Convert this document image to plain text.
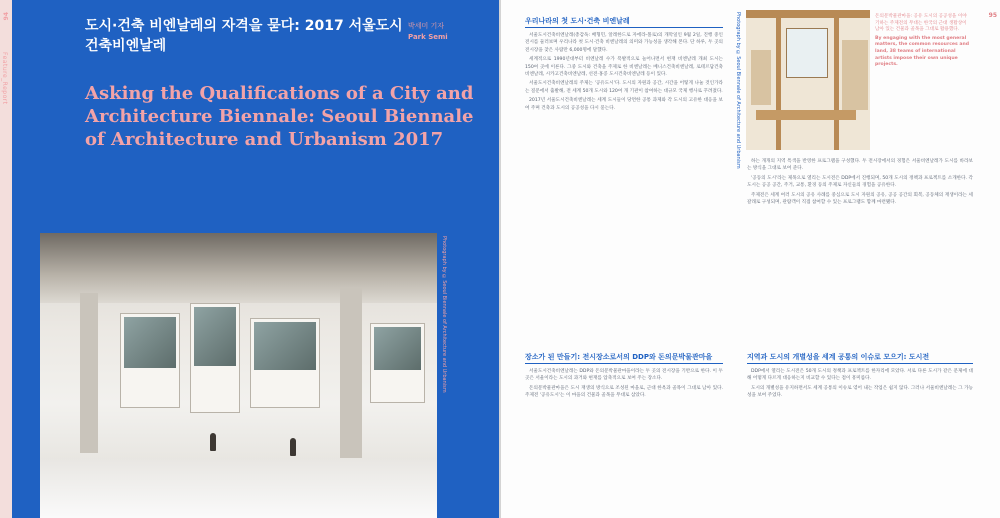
94
Feature_Report
도시·건축 비엔날레의 자격을 묻다: 2017 서울도시건축비엔날레
박세미 기자
Park Semi
Asking the Qualifications of a City and Architecture Biennale: Seoul Biennale of Architecture and Urbanism 2017
Photograph by ©Seoul Biennale of Architecture and Urbanism
95
우리나라의 첫 도시·건축 비엔날레

서울도시건축비엔날레(총감독: 배형민, 알레한드로 자에라-폴로)의 개막일인 9월 2일, 진행 중인 전시를 둘러보며 우리나라 첫 도시·건축 비엔날레의 의미와 가능성을 생각해 본다. 단 하루, 두 곳의 전시장을 찾은 사람만 6,000명에 달했다.

세계적으로 1990년대부터 비엔날레 수가 폭발적으로 늘어나면서 현재 비엔날레 개최 도시는 150여 곳에 이른다. 그중 도시와 건축을 주제로 한 비엔날레는 베니스건축비엔날레, 로테르담건축비엔날레, 시카고건축비엔날레, 선전·홍콩 도시건축비엔날레 등이 있다.

서울도시건축비엔날레의 주제는 '공유도시'다. 도시의 자원과 공간, 시간을 어떻게 나눌 것인가라는 질문에서 출발해, 전 세계 50개 도시와 120여 개 기관이 참여하는 대규모 국제 행사로 꾸려졌다.

2017년 서울도시건축비엔날레는 세계 도시들이 당면한 공통 과제와 각 도시의 고유한 대응을 보여 주며 건축과 도시의 공공성을 다시 묻는다.

장소가 된 만들기: 전시장소로서의 DDP와 돈의문박물관마을

서울도시건축비엔날레는 DDP와 돈의문박물관마을이라는 두 곳의 전시장을 기반으로 한다. 이 두 곳은 서울이라는 도시의 과거와 현재를 압축적으로 보여 주는 장소다.

돈의문박물관마을은 도시 재생의 방식으로 조성된 마을로, 근대 한옥과 골목이 그대로 남아 있다. 주제전 '공유도시'는 이 마을의 건물과 골목을 무대로 삼았다.

Photograph by ©Seoul Biennale of Architecture and Urbanism	돈의문박물관마을: 공유 도시의 공공성을 이야기하는 주제전의 무대는 한국의 근대 생활상이 남아 있는 건물과 골목을 그대로 활용했다.
By engaging with the most general matters, the common resources and land, 38 teams of international artists impose their own unique projects.

하는 개개의 지역 특색을 반영한 프로그램을 구성했다. 두 전시장에서의 경험은 서울비엔날레가 도시를 바라보는 방식을 그대로 보여 준다.

'공동의 도시'라는 제목으로 열리는 도시전은 DDP에서 진행되며, 50개 도시의 정책과 프로젝트를 소개한다. 각 도시는 공공 공간, 주거, 교통, 환경 등의 주제로 자신들의 경험을 공유한다.

주제전은 세계 여러 도시의 공유 사례를 중심으로 도시 자원의 공유, 공공 공간의 회복, 공동체의 재생이라는 세 갈래로 구성되며, 관람객이 직접 참여할 수 있는 프로그램도 함께 마련됐다.

지역과 도시의 개별성을 세계 공통의 이슈로 모으기: 도시전

DDP에서 열리는 도시전은 50개 도시의 정책과 프로젝트를 한자리에 모았다. 서로 다른 도시가 같은 문제에 대해 어떻게 다르게 대응하는지 비교할 수 있다는 점이 흥미롭다.

도시의 개별성을 유지하면서도 세계 공통의 이슈로 엮어 내는 작업은 쉽지 않다. 그러나 서울비엔날레는 그 가능성을 보여 주었다.
